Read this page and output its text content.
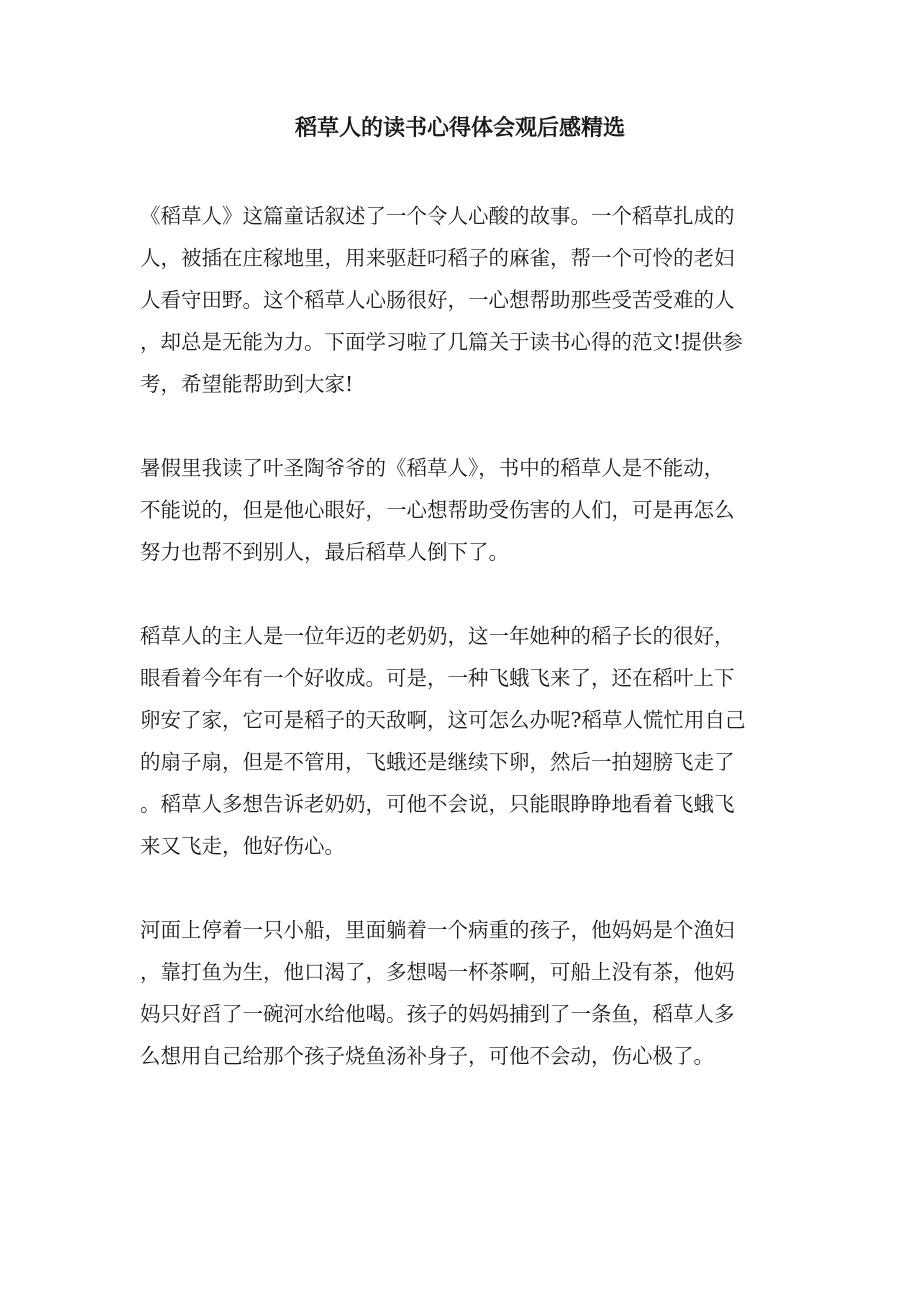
稻草人的读书心得体会观后感精选

《稻草人》这篇童话叙述了一个令人心酸的故事。一个稻草扎成的

人，被插在庄稼地里，用来驱赶叼稻子的麻雀，帮一个可怜的老妇

人看守田野。这个稻草人心肠很好，一心想帮助那些受苦受难的人

，却总是无能为力。下面学习啦了几篇关于读书心得的范文!提供参

考，希望能帮助到大家!

暑假里我读了叶圣陶爷爷的《稻草人》，书中的稻草人是不能动，

不能说的，但是他心眼好，一心想帮助受伤害的人们，可是再怎么

努力也帮不到别人，最后稻草人倒下了。

稻草人的主人是一位年迈的老奶奶，这一年她种的稻子长的很好，

眼看着今年有一个好收成。可是，一种飞蛾飞来了，还在稻叶上下

卵安了家，它可是稻子的天敌啊，这可怎么办呢?稻草人慌忙用自己

的扇子扇，但是不管用，飞蛾还是继续下卵，然后一拍翅膀飞走了

。稻草人多想告诉老奶奶，可他不会说，只能眼睁睁地看着飞蛾飞

来又飞走，他好伤心。

河面上停着一只小船，里面躺着一个病重的孩子，他妈妈是个渔妇

，靠打鱼为生，他口渴了，多想喝一杯茶啊，可船上没有茶，他妈

妈只好舀了一碗河水给他喝。孩子的妈妈捕到了一条鱼，稻草人多

么想用自己给那个孩子烧鱼汤补身子，可他不会动，伤心极了。
